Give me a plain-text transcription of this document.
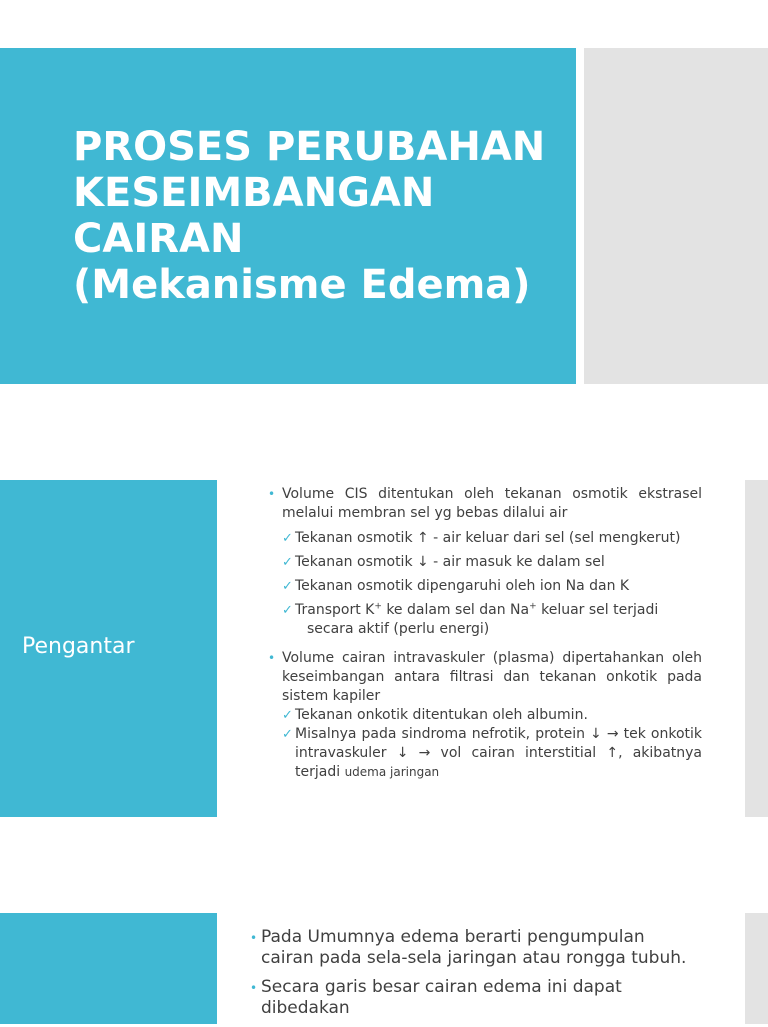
PROSES PERUBAHAN
KESEIMBANGAN
CAIRAN
(Mekanisme Edema)
Pengantar
• Volume CIS ditentukan oleh tekanan osmotik ekstrasel melalui membran sel yg bebas dilalui air
✓ Tekanan osmotik ↑ - air keluar dari sel (sel mengkerut)
✓ Tekanan osmotik ↓ - air masuk ke dalam sel
✓ Tekanan osmotik dipengaruhi oleh ion Na dan K
✓ Transport K+ ke dalam sel dan Na+ keluar sel terjadi
secara aktif (perlu energi)
• Volume cairan intravaskuler (plasma) dipertahankan oleh keseimbangan antara filtrasi dan tekanan onkotik pada sistem kapiler
✓ Tekanan onkotik ditentukan oleh albumin.
✓ Misalnya pada sindroma nefrotik, protein ↓ → tek onkotik intravaskuler ↓ → vol cairan interstitial ↑, akibatnya terjadi udema jaringan
• Pada Umumnya edema berarti pengumpulan cairan pada sela-sela jaringan atau rongga tubuh.
• Secara garis besar cairan edema ini dapat dibedakan
